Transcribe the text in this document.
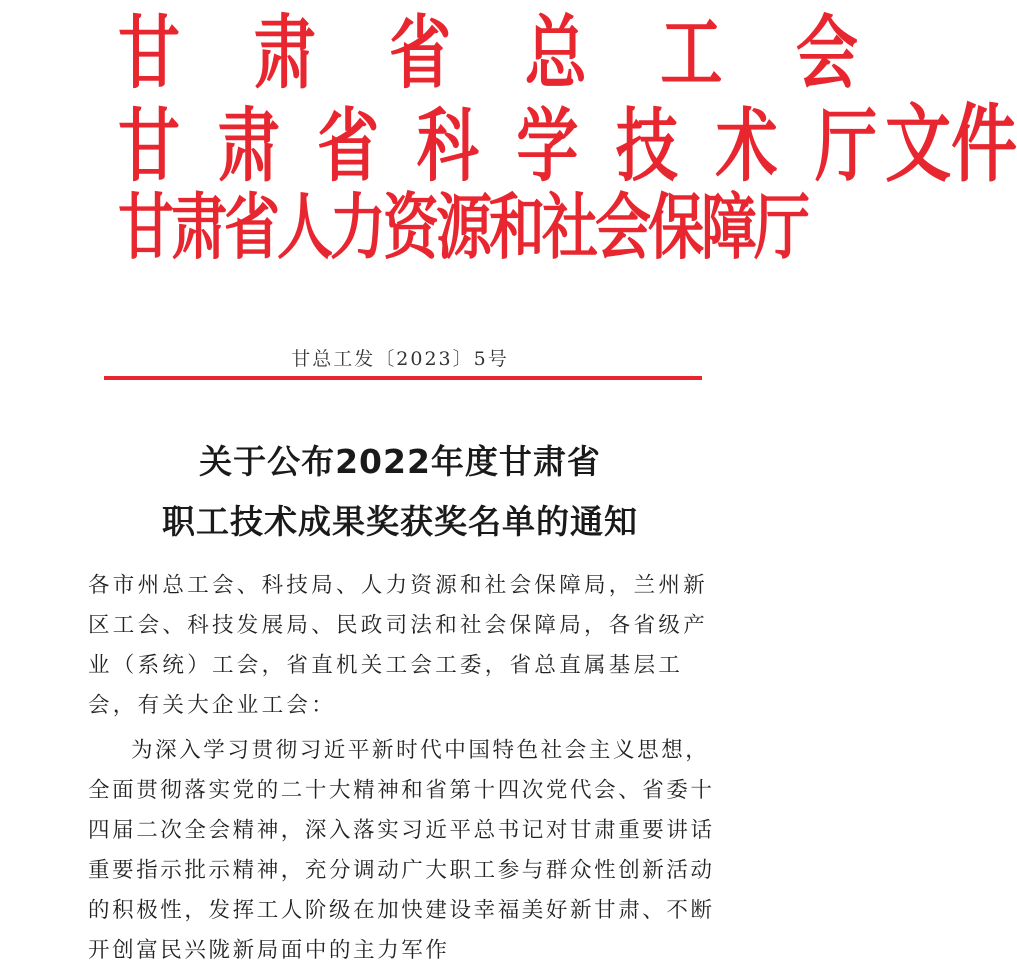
甘 肃 省 总 工 会
甘 肃 省 科 学 技 术 厅文件
甘肃省人力资源和社会保障厅
甘总工发〔2023〕5号
关于公布2022年度甘肃省
职工技术成果奖获奖名单的通知
各市州总工会、科技局、人力资源和社会保障局，兰州新区工会、科技发展局、民政司法和社会保障局，各省级产业（系统）工会，省直机关工会工委，省总直属基层工会，有关大企业工会：
为深入学习贯彻习近平新时代中国特色社会主义思想，全面贯彻落实党的二十大精神和省第十四次党代会、省委十四届二次全会精神，深入落实习近平总书记对甘肃重要讲话重要指示批示精神，充分调动广大职工参与群众性创新活动的积极性，发挥工人阶级在加快建设幸福美好新甘肃、不断开创富民兴陇新局面中的主力军作
